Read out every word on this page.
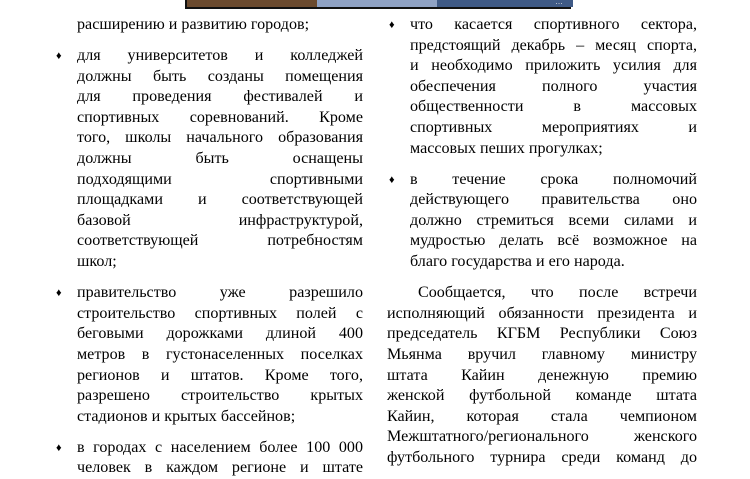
…
расширению и развитию городов;
♦ для университетов и колледжей
должны быть созданы помещения
для проведения фестивалей и
спортивных соревнований. Кроме
того, школы начального образования
должны быть оснащены
подходящими спортивными
площадками и соответствующей
базовой инфраструктурой,
соответствующей потребностям
школ;
♦ правительство уже разрешило
строительство спортивных полей с
беговыми дорожками длиной 400
метров в густонаселенных поселках
регионов и штатов. Кроме того,
разрешено строительство крытых
стадионов и крытых бассейнов;
♦ в городах с населением более 100 000
человек в каждом регионе и штате
♦ что касается спортивного сектора,
предстоящий декабрь – месяц спорта,
и необходимо приложить усилия для
обеспечения полного участия
общественности в массовых
спортивных мероприятиях и
массовых пеших прогулках;
♦ в течение срока полномочий
действующего правительства оно
должно стремиться всеми силами и
мудростью делать всё возможное на
благо государства и его народа.
Сообщается, что после встречи
исполняющий обязанности президента и
председатель КГБМ Республики Союз
Мьянма вручил главному министру
штата Кайин денежную премию
женской футбольной команде штата
Кайин, которая стала чемпионом
Межштатного/регионального женского
футбольного турнира среди команд до
